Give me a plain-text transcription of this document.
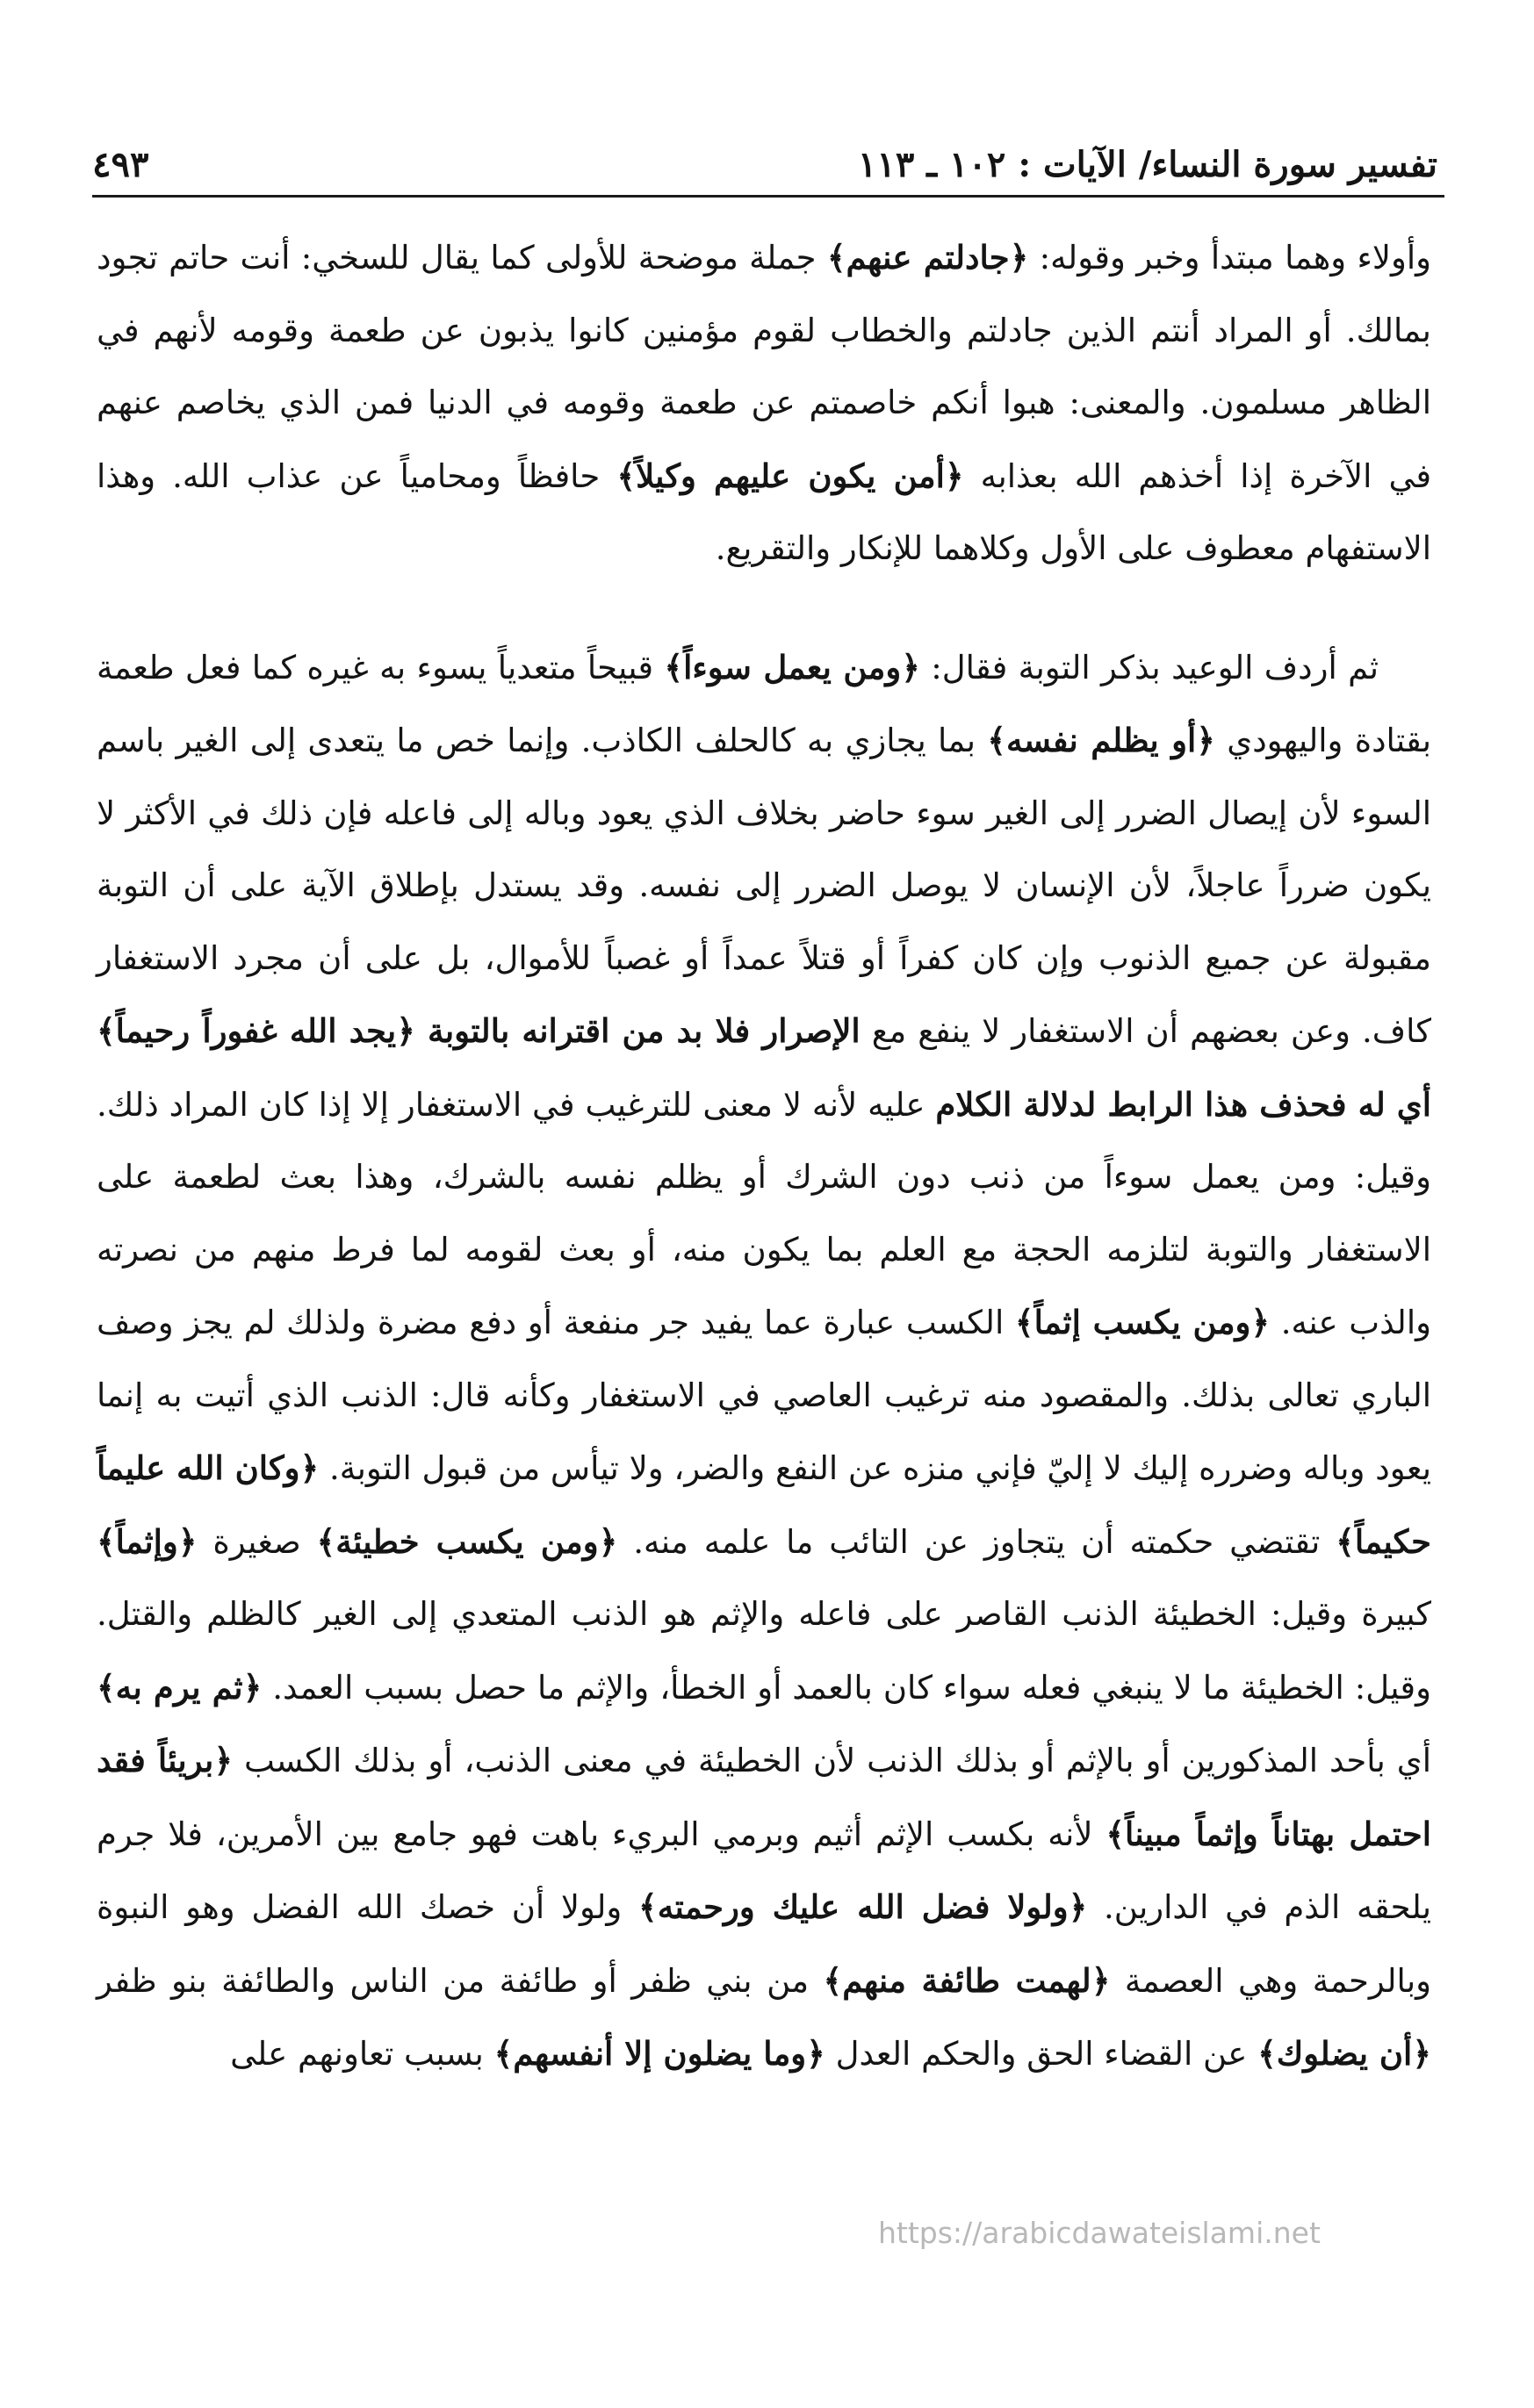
تفسير سورة النساء/ الآيات : ١٠٢ ـ ١١٣
٤٩٣

وأولاء وهما مبتدأ وخبر وقوله: ﴿جادلتم عنهم﴾ جملة موضحة للأولى كما يقال للسخي: أنت حاتم تجود بمالك. أو المراد أنتم الذين جادلتم والخطاب لقوم مؤمنين كانوا يذبون عن طعمة وقومه لأنهم في الظاهر مسلمون. والمعنى: هبوا أنكم خاصمتم عن طعمة وقومه في الدنيا فمن الذي يخاصم عنهم في الآخرة إذا أخذهم الله بعذابه ﴿أمن يكون عليهم وكيلاً﴾ حافظاً ومحامياً عن عذاب الله. وهذا الاستفهام معطوف على الأول وكلاهما للإنكار والتقريع.

ثم أردف الوعيد بذكر التوبة فقال: ﴿ومن يعمل سوءاً﴾ قبيحاً متعدياً يسوء به غيره كما فعل طعمة بقتادة واليهودي ﴿أو يظلم نفسه﴾ بما يجازي به كالحلف الكاذب. وإنما خص ما يتعدى إلى الغير باسم السوء لأن إيصال الضرر إلى الغير سوء حاضر بخلاف الذي يعود وباله إلى فاعله فإن ذلك في الأكثر لا يكون ضرراً عاجلاً، لأن الإنسان لا يوصل الضرر إلى نفسه. وقد يستدل بإطلاق الآية على أن التوبة مقبولة عن جميع الذنوب وإن كان كفراً أو قتلاً عمداً أو غصباً للأموال، بل على أن مجرد الاستغفار كاف. وعن بعضهم أن الاستغفار لا ينفع مع الإصرار فلا بد من اقترانه بالتوبة ﴿يجد الله غفوراً رحيماً﴾ أي له فحذف هذا الرابط لدلالة الكلام عليه لأنه لا معنى للترغيب في الاستغفار إلا إذا كان المراد ذلك. وقيل: ومن يعمل سوءاً من ذنب دون الشرك أو يظلم نفسه بالشرك، وهذا بعث لطعمة على الاستغفار والتوبة لتلزمه الحجة مع العلم بما يكون منه، أو بعث لقومه لما فرط منهم من نصرته والذب عنه. ﴿ومن يكسب إثماً﴾ الكسب عبارة عما يفيد جر منفعة أو دفع مضرة ولذلك لم يجز وصف الباري تعالى بذلك. والمقصود منه ترغيب العاصي في الاستغفار وكأنه قال: الذنب الذي أتيت به إنما يعود وباله وضرره إليك لا إليّ فإني منزه عن النفع والضر، ولا تيأس من قبول التوبة. ﴿وكان الله عليماً حكيماً﴾ تقتضي حكمته أن يتجاوز عن التائب ما علمه منه. ﴿ومن يكسب خطيئة﴾ صغيرة ﴿وإثماً﴾ كبيرة وقيل: الخطيئة الذنب القاصر على فاعله والإثم هو الذنب المتعدي إلى الغير كالظلم والقتل. وقيل: الخطيئة ما لا ينبغي فعله سواء كان بالعمد أو الخطأ، والإثم ما حصل بسبب العمد. ﴿ثم يرم به﴾ أي بأحد المذكورين أو بالإثم أو بذلك الذنب لأن الخطيئة في معنى الذنب، أو بذلك الكسب ﴿بريئاً فقد احتمل بهتاناً وإثماً مبيناً﴾ لأنه بكسب الإثم أثيم وبرمي البريء باهت فهو جامع بين الأمرين، فلا جرم يلحقه الذم في الدارين. ﴿ولولا فضل الله عليك ورحمته﴾ ولولا أن خصك الله الفضل وهو النبوة وبالرحمة وهي العصمة ﴿لهمت طائفة منهم﴾ من بني ظفر أو طائفة من الناس والطائفة بنو ظفر ﴿أن يضلوك﴾ عن القضاء الحق والحكم العدل ﴿وما يضلون إلا أنفسهم﴾ بسبب تعاونهم على

https://arabicdawateislami.net
